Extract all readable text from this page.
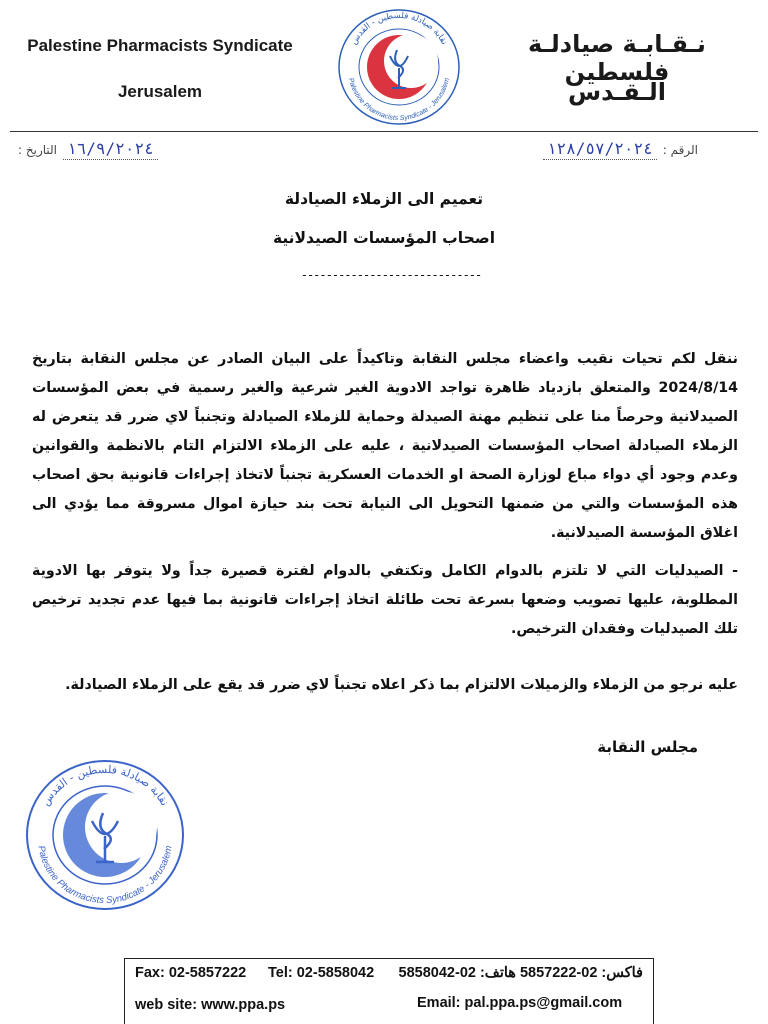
Palestine Pharmacists Syndicate
Jerusalem
نـقـابـة صيادلـة فلسطين
الـقـدس
نقابة صيادلة فلسطين - القدس
Palestine Pharmacists Syndicate - Jerusalem
الرقم :
١٢٨/٥٧/٢٠٢٤
التاريخ : ١٦/٩/٢٠٢٤
تعميم الى الزملاء الصيادلة
اصحاب المؤسسات الصيدلانية
-----------------------------
ننقل لكم تحيات نقيب واعضاء مجلس النقابة وتاكيداً على البيان الصادر عن مجلس النقابة بتاريخ 2024/8/14 والمتعلق بازدياد ظاهرة تواجد الادوية الغير شرعية والغير رسمية في بعض المؤسسات الصيدلانية وحرصاً منا على تنظيم مهنة الصيدلة وحماية للزملاء الصيادلة وتجنباً لاي ضرر قد يتعرض له الزملاء الصيادلة اصحاب المؤسسات الصيدلانية ، عليه على الزملاء الالتزام التام بالانظمة والقوانين وعدم وجود أي دواء مباع لوزارة الصحة او الخدمات العسكرية تجنباً لاتخاذ إجراءات قانونية بحق اصحاب هذه المؤسسات والتي من ضمنها التحويل الى النيابة تحت بند حيازة اموال مسروقة مما يؤدي الى اغلاق المؤسسة الصيدلانية.
- الصيدليات التي لا تلتزم بالدوام الكامل وتكتفي بالدوام لفترة قصيرة جداً ولا يتوفر بها الادوية المطلوبة، عليها تصويب وضعها بسرعة تحت طائلة اتخاذ إجراءات قانونية بما فيها عدم تجديد ترخيص تلك الصيدليات وفقدان الترخيص.
عليه نرجو من الزملاء والزميلات الالتزام بما ذكر اعلاه تجنباً لاي ضرر قد يقع على الزملاء الصيادلة.
مجلس النقابة
نقابة صيادلة فلسطين - القدس
Palestine Pharmacists Syndicate - Jerusalem
Fax: 02-5857222 Tel: 02-5858042 فاكس: 02-5857222 هاتف: 02-5858042
web site: www.ppa.ps	Email: pal.ppa.ps@gmail.com
